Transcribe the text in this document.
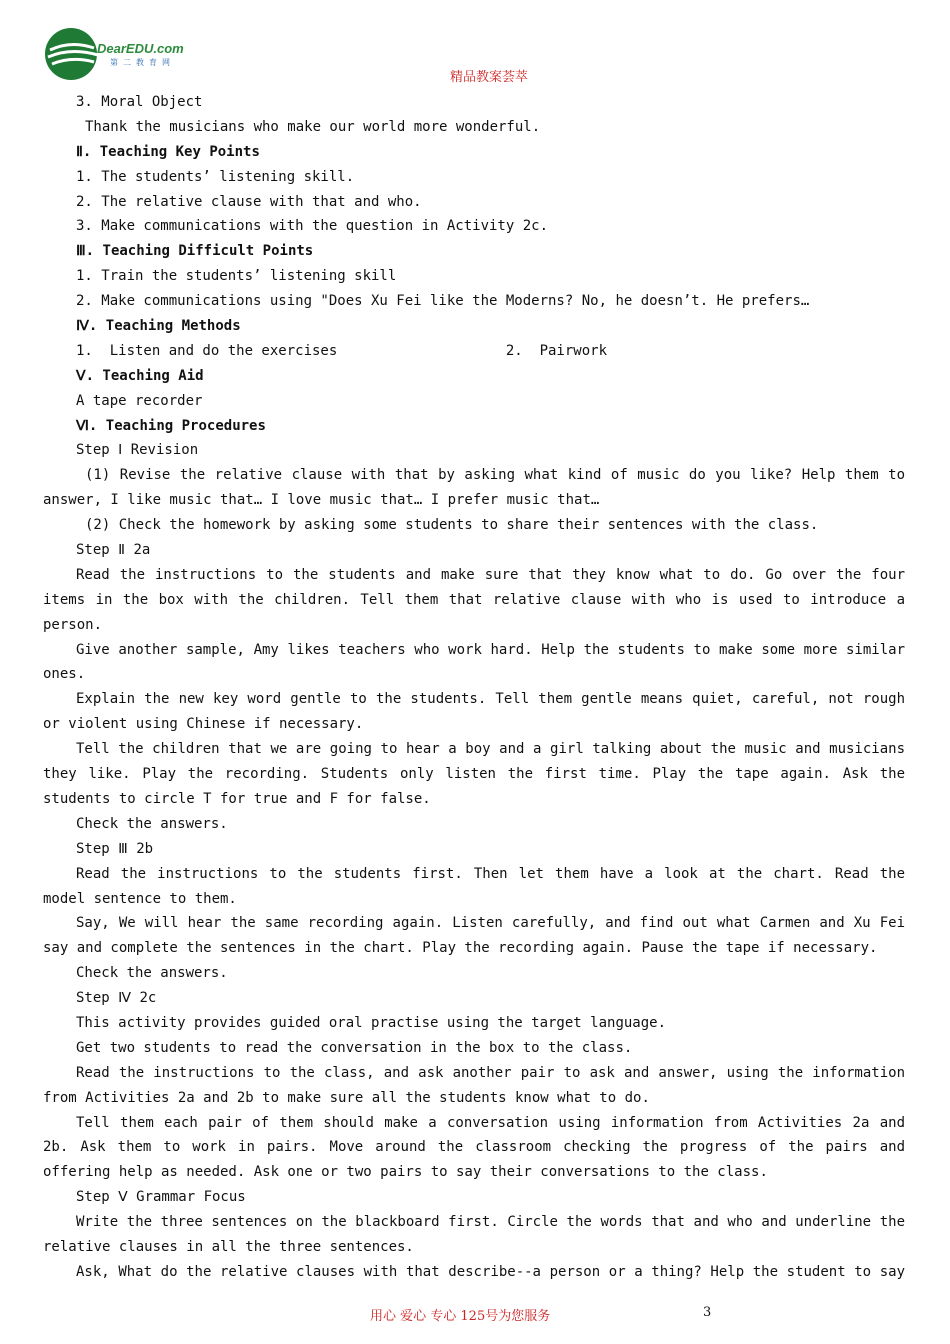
DearEDU.com
第二教育网
精品教案荟萃
3. Moral Object
Thank the musicians who make our world more wonderful.
Ⅱ. Teaching Key Points
1. The students’ listening skill.
2. The relative clause with that and who.
3. Make communications with the question in Activity 2c.
Ⅲ. Teaching Difficult Points
1. Train the students’ listening skill
2. Make communications using "Does Xu Fei like the Moderns? No, he doesn’t. He prefers…
Ⅳ. Teaching Methods
1.  Listen and do the exercises                    2.  Pairwork
Ⅴ. Teaching Aid
A tape recorder
Ⅵ. Teaching Procedures
Step Ⅰ Revision
(1) Revise the relative clause with that by asking what kind of music do you like? Help them to
answer, I like music that… I love music that… I prefer music that…
(2) Check the homework by asking some students to share their sentences with the class.
Step Ⅱ 2a
Read the instructions to the students and make sure that they know what to do. Go over the four
items in the box with the children. Tell them that relative clause with who is used to introduce a
person.
Give another sample, Amy likes teachers who work hard. Help the students to make some more similar
ones.
Explain the new key word gentle to the students. Tell them gentle means quiet, careful, not rough
or violent using Chinese if necessary.
Tell the children that we are going to hear a boy and a girl talking about the music and musicians
they like. Play the recording. Students only listen the first time. Play the tape again. Ask the
students to circle T for true and F for false.
Check the answers.
Step Ⅲ 2b
Read the instructions to the students first. Then let them have a look at the chart. Read the
model sentence to them.
Say, We will hear the same recording again. Listen carefully, and find out what Carmen and Xu Fei
say and complete the sentences in the chart. Play the recording again. Pause the tape if necessary.
Check the answers.
Step Ⅳ 2c
This activity provides guided oral practise using the target language.
Get two students to read the conversation in the box to the class.
Read the instructions to the class, and ask another pair to ask and answer, using the information
from Activities 2a and 2b to make sure all the students know what to do.
Tell them each pair of them should make a conversation using information from Activities 2a and
2b. Ask them to work in pairs. Move around the classroom checking the progress of the pairs and
offering help as needed. Ask one or two pairs to say their conversations to the class.
Step Ⅴ Grammar Focus
Write the three sentences on the blackboard first. Circle the words that and who and underline the
relative clauses in all the three sentences.
Ask, What do the relative clauses with that describe--a person or a thing? Help the student to say
用心 爱心 专心 125号为您服务	3
